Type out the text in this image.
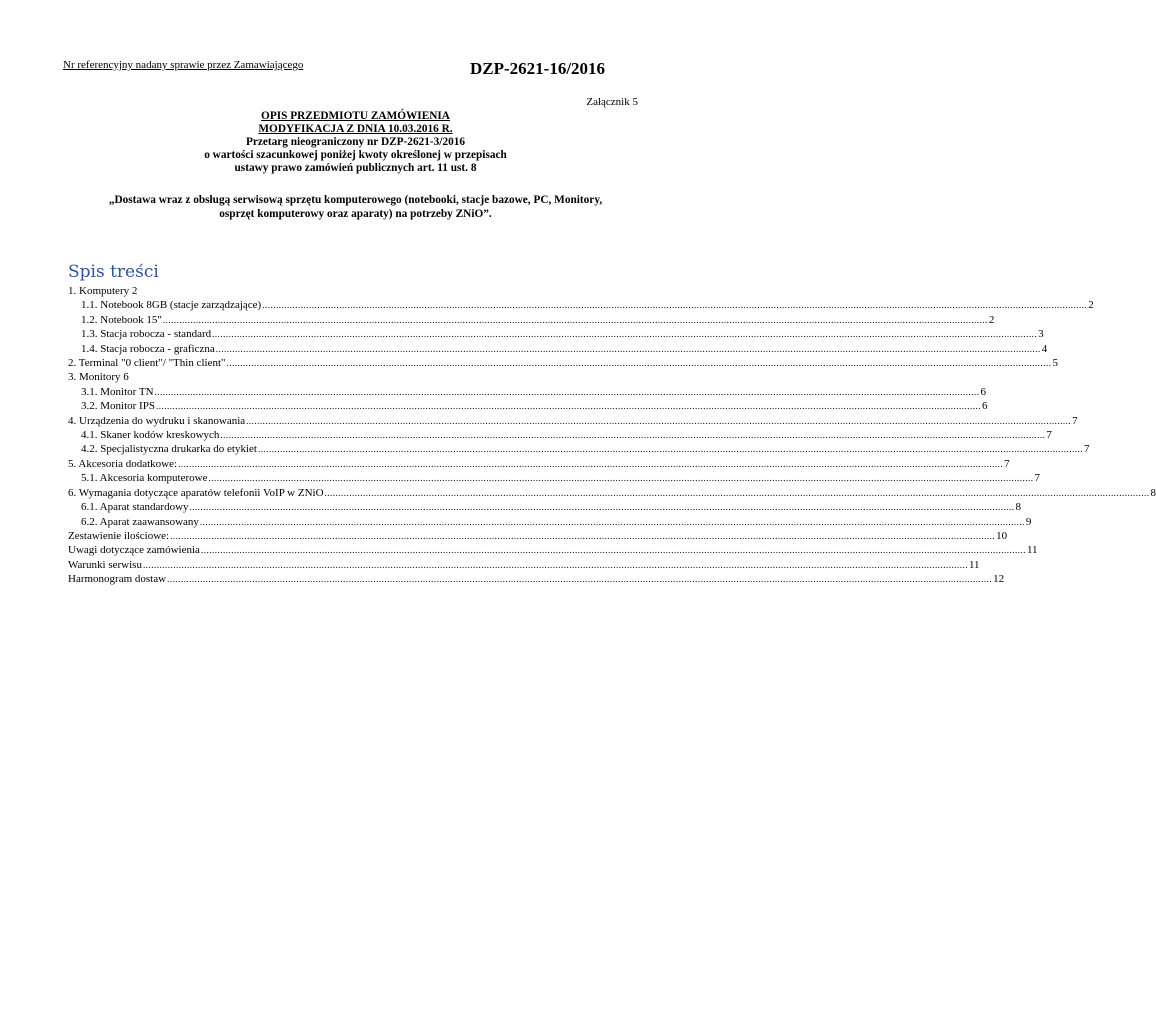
Nr referencyjny nadany sprawie przez Zamawiającego	DZP-2621-16/2016
Załącznik 5
OPIS PRZEDMIOTU ZAMÓWIENIA
MODYFIKACJA Z DNIA 10.03.2016 R.
Przetarg nieograniczony nr DZP-2621-3/2016
o wartości szacunkowej poniżej kwoty określonej w przepisach
ustawy prawo zamówień publicznych art. 11 ust. 8
„Dostawa wraz z obsługą serwisową sprzętu komputerowego (notebooki, stacje bazowe, PC, Monitory,
osprzęt komputerowy oraz aparaty) na potrzeby ZNiO”.
Spis treści
1. Komputery 2
1.1. Notebook 8GB (stacje zarządzające) ............................................................................................................................................................................................................................................................................................................ 2
1.2. Notebook 15" ............................................................................................................................................................................................................................................................................................................ 2
1.3. Stacja robocza - standard ............................................................................................................................................................................................................................................................................................................ 3
1.4. Stacja robocza - graficzna ............................................................................................................................................................................................................................................................................................................ 4
2. Terminal "0 client"/ "Thin client" ............................................................................................................................................................................................................................................................................................................ 5
3. Monitory 6
3.1. Monitor TN ............................................................................................................................................................................................................................................................................................................ 6
3.2. Monitor IPS ............................................................................................................................................................................................................................................................................................................ 6
4. Urządzenia do wydruku i skanowania ............................................................................................................................................................................................................................................................................................................ 7
4.1. Skaner kodów kreskowych ............................................................................................................................................................................................................................................................................................................ 7
4.2. Specjalistyczna drukarka do etykiet ............................................................................................................................................................................................................................................................................................................ 7
5. Akcesoria dodatkowe: ............................................................................................................................................................................................................................................................................................................ 7
5.1. Akcesoria komputerowe ............................................................................................................................................................................................................................................................................................................ 7
6. Wymagania dotyczące aparatów telefonii VoIP w ZNiO ............................................................................................................................................................................................................................................................................................................ 8
6.1. Aparat standardowy ............................................................................................................................................................................................................................................................................................................ 8
6.2. Aparat zaawansowany ............................................................................................................................................................................................................................................................................................................ 9
Zestawienie ilościowe: ............................................................................................................................................................................................................................................................................................................ 10
Uwagi dotyczące zamówienia ............................................................................................................................................................................................................................................................................................................ 11
Warunki serwisu ............................................................................................................................................................................................................................................................................................................ 11
Harmonogram dostaw ............................................................................................................................................................................................................................................................................................................ 12
